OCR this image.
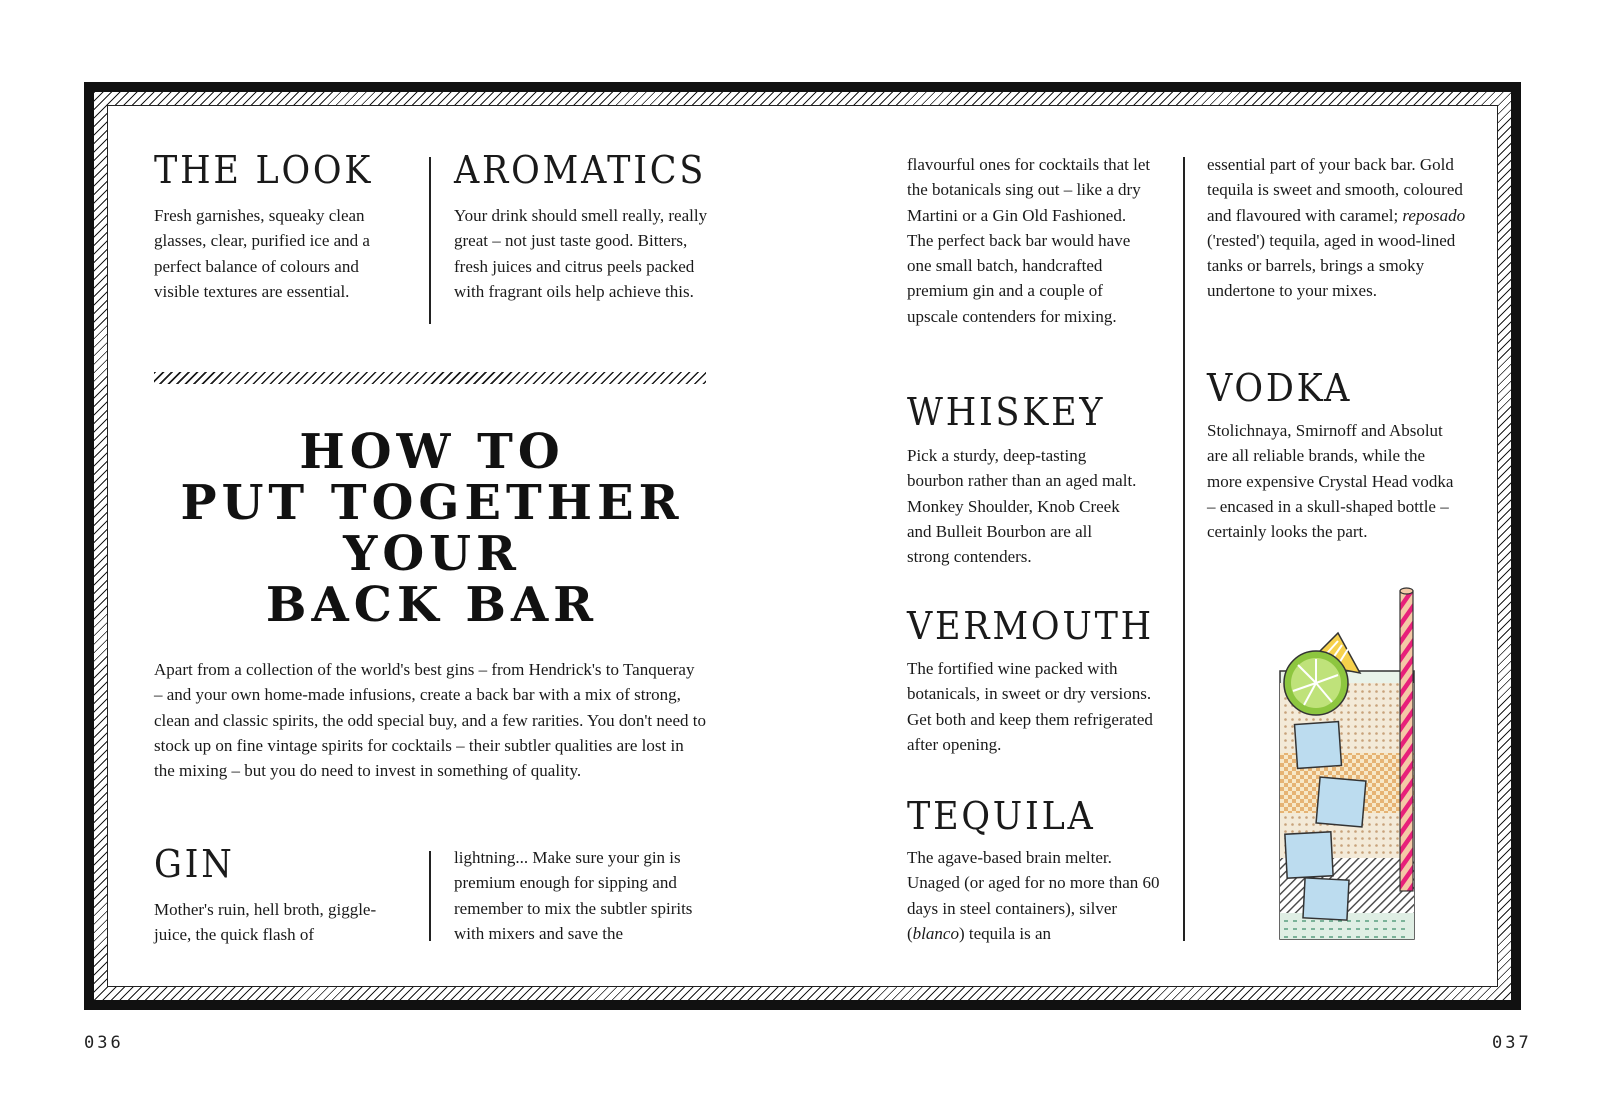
036	037
THE LOOK

Fresh garnishes, squeaky clean glasses, clear, purified ice and a perfect balance of colours and visible textures are essential.

AROMATICS

Your drink should smell really, really great – not just taste good. Bitters, fresh juices and citrus peels packed with fragrant oils help achieve this.

HOW TO
PUT TOGETHER
YOUR
BACK BAR

Apart from a collection of the world's best gins – from Hendrick's to Tanqueray – and your own home-made infusions, create a back bar with a mix of strong, clean and classic spirits, the odd special buy, and a few rarities. You don't need to stock up on fine vintage spirits for cocktails – their subtler qualities are lost in the mixing – but you do need to invest in something of quality.

GIN

Mother's ruin, hell broth, giggle-juice, the quick flash of

lightning... Make sure your gin is premium enough for sipping and remember to mix the subtler spirits with mixers and save the

flavourful ones for cocktails that let the botanicals sing out – like a dry Martini or a Gin Old Fashioned. The perfect back bar would have one small batch, handcrafted premium gin and a couple of upscale contenders for mixing.

WHISKEY

Pick a sturdy, deep-tasting bourbon rather than an aged malt. Monkey Shoulder, Knob Creek and Bulleit Bourbon are all strong contenders.

VERMOUTH

The fortified wine packed with botanicals, in sweet or dry versions. Get both and keep them refrigerated after opening.

TEQUILA

The agave-based brain melter. Unaged (or aged for no more than 60 days in steel containers), silver (blanco) tequila is an

essential part of your back bar. Gold tequila is sweet and smooth, coloured and flavoured with caramel; reposado ('rested') tequila, aged in wood-lined tanks or barrels, brings a smoky undertone to your mixes.

VODKA

Stolichnaya, Smirnoff and Absolut are all reliable brands, while the more expensive Crystal Head vodka – encased in a skull-shaped bottle – certainly looks the part.
